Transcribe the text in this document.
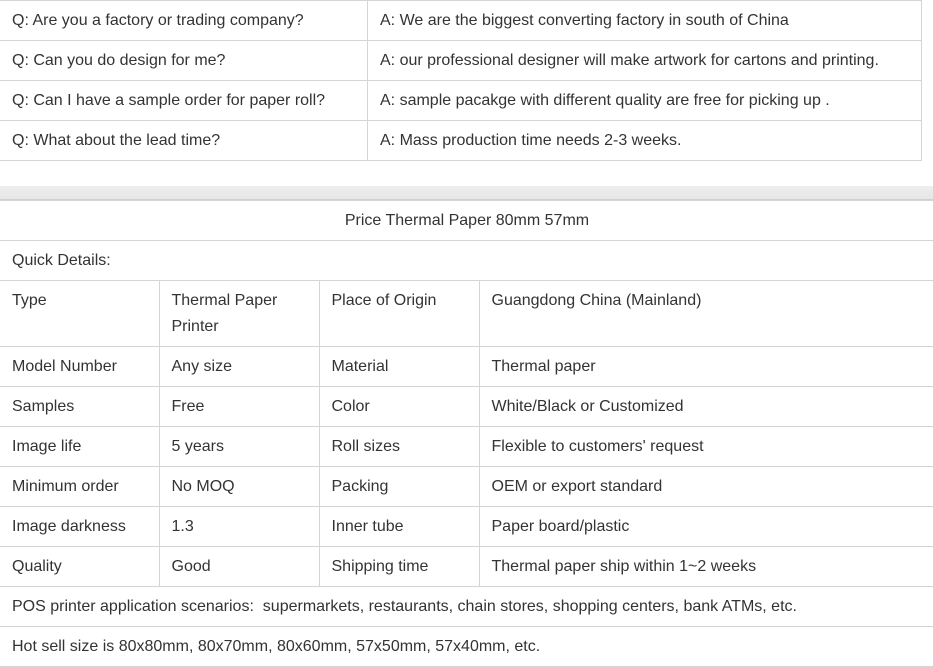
Q: Are you a factory or trading company?	A: We are the biggest converting factory in south of China
Q: Can you do design for me?	A: our professional designer will make artwork for cartons and printing.
Q: Can I have a sample order for paper roll?	A: sample pacakge with different quality are free for picking up .
Q: What about the lead time?	A: Mass production time needs 2-3 weeks.
Price Thermal Paper 80mm 57mm			
Quick Details:			
Type	Thermal Paper Printer	Place of Origin	Guangdong China (Mainland)
Model Number	Any size	Material	Thermal paper
Samples	Free	Color	White/Black or Customized
Image life	5 years	Roll sizes	Flexible to customers' request
Minimum order	No MOQ	Packing	OEM or export standard
Image darkness	1.3	Inner tube	Paper board/plastic
Quality	Good	Shipping time	Thermal paper ship within 1~2 weeks
POS printer application scenarios:  supermarkets, restaurants, chain stores, shopping centers, bank ATMs, etc.			
Hot sell size is 80x80mm, 80x70mm, 80x60mm, 57x50mm, 57x40mm, etc.			
